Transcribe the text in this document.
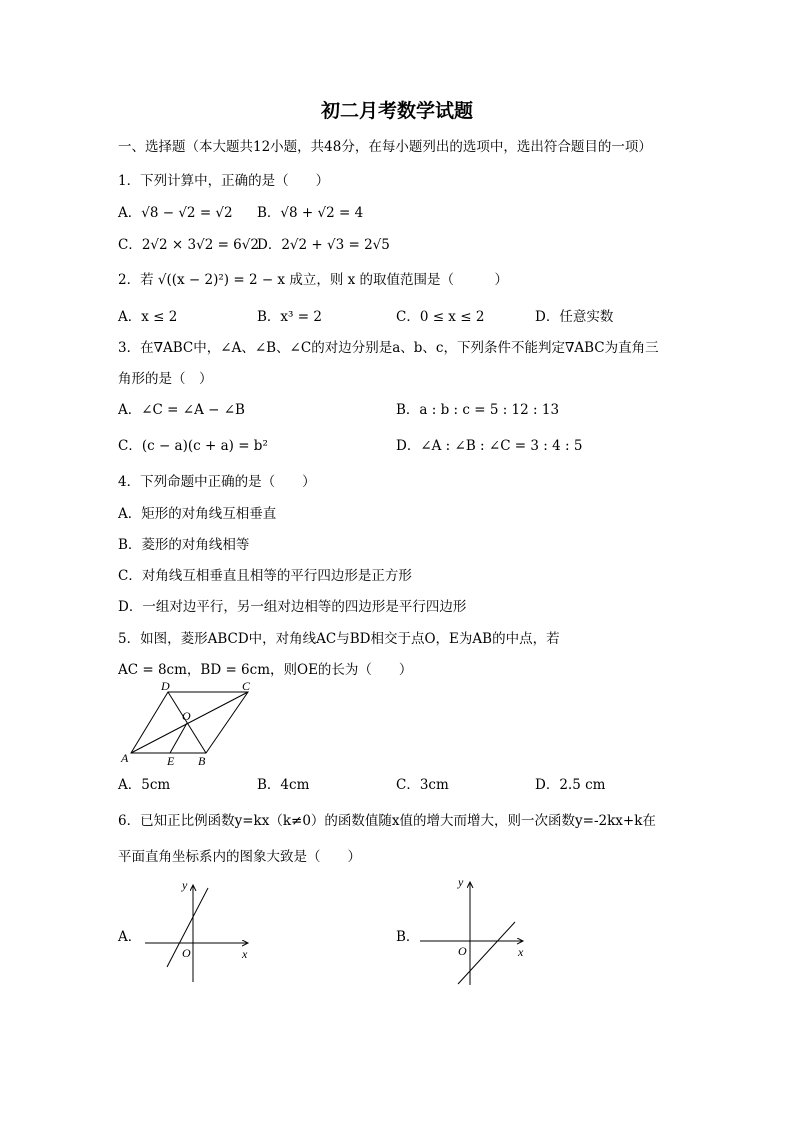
初二月考数学试题
一、选择题（本大题共12小题，共48分，在每小题列出的选项中，选出符合题目的一项）
1．下列计算中，正确的是（　　）
A．√8 − √2 = √2 B．√8 + √2 = 4
C．2√2 × 3√2 = 6√2
D．2√2 + √3 = 2√5
2．若 √((x − 2)²) = 2 − x 成立，则 x 的取值范围是（　　　）
A．x ≤ 2	B．x³ = 2	C．0 ≤ x ≤ 2	D．任意实数
3．在∇ABC中，∠A、∠B、∠C的对边分别是a、b、c，下列条件不能判定∇ABC为直角三
角形的是（　）
A．∠C = ∠A − ∠B	B．a : b : c = 5 : 12 : 13
C．(c − a)(c + a) = b²	D．∠A : ∠B : ∠C = 3 : 4 : 5
4．下列命题中正确的是（　　）
A．矩形的对角线互相垂直
B．菱形的对角线相等
C．对角线互相垂直且相等的平行四边形是正方形
D．一组对边平行，另一组对边相等的四边形是平行四边形
5．如图，菱形ABCD中，对角线AC与BD相交于点O，E为AB的中点，若
AC = 8cm，BD = 6cm，则OE的长为（　　）
D	C
O
A	E B
A．5cm	B．4cm	C．3cm	D．2.5 cm
6．已知正比例函数y=kx（k≠0）的函数值随x值的增大而增大，则一次函数y=-2kx+k在
平面直角坐标系内的图象大致是（　　）
A．	B．
y
x
O
y
x
O
